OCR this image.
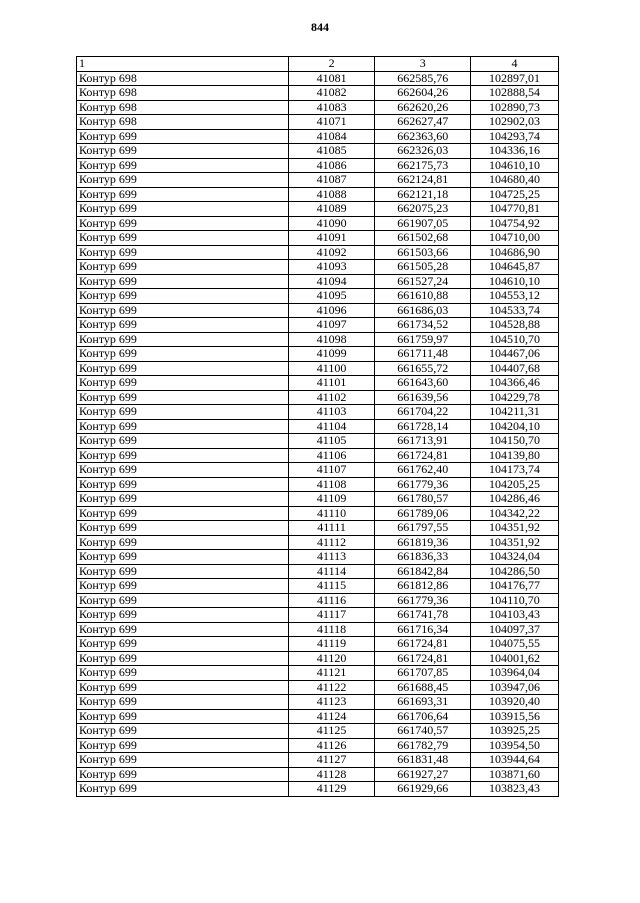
844
1	2	3	4
Контур 698	41081	662585,76	102897,01
Контур 698	41082	662604,26	102888,54
Контур 698	41083	662620,26	102890,73
Контур 698	41071	662627,47	102902,03
Контур 699	41084	662363,60	104293,74
Контур 699	41085	662326,03	104336,16
Контур 699	41086	662175,73	104610,10
Контур 699	41087	662124,81	104680,40
Контур 699	41088	662121,18	104725,25
Контур 699	41089	662075,23	104770,81
Контур 699	41090	661907,05	104754,92
Контур 699	41091	661502,68	104710,00
Контур 699	41092	661503,66	104686,90
Контур 699	41093	661505,28	104645,87
Контур 699	41094	661527,24	104610,10
Контур 699	41095	661610,88	104553,12
Контур 699	41096	661686,03	104533,74
Контур 699	41097	661734,52	104528,88
Контур 699	41098	661759,97	104510,70
Контур 699	41099	661711,48	104467,06
Контур 699	41100	661655,72	104407,68
Контур 699	41101	661643,60	104366,46
Контур 699	41102	661639,56	104229,78
Контур 699	41103	661704,22	104211,31
Контур 699	41104	661728,14	104204,10
Контур 699	41105	661713,91	104150,70
Контур 699	41106	661724,81	104139,80
Контур 699	41107	661762,40	104173,74
Контур 699	41108	661779,36	104205,25
Контур 699	41109	661780,57	104286,46
Контур 699	41110	661789,06	104342,22
Контур 699	41111	661797,55	104351,92
Контур 699	41112	661819,36	104351,92
Контур 699	41113	661836,33	104324,04
Контур 699	41114	661842,84	104286,50
Контур 699	41115	661812,86	104176,77
Контур 699	41116	661779,36	104110,70
Контур 699	41117	661741,78	104103,43
Контур 699	41118	661716,34	104097,37
Контур 699	41119	661724,81	104075,55
Контур 699	41120	661724,81	104001,62
Контур 699	41121	661707,85	103964,04
Контур 699	41122	661688,45	103947,06
Контур 699	41123	661693,31	103920,40
Контур 699	41124	661706,64	103915,56
Контур 699	41125	661740,57	103925,25
Контур 699	41126	661782,79	103954,50
Контур 699	41127	661831,48	103944,64
Контур 699	41128	661927,27	103871,60
Контур 699	41129	661929,66	103823,43
